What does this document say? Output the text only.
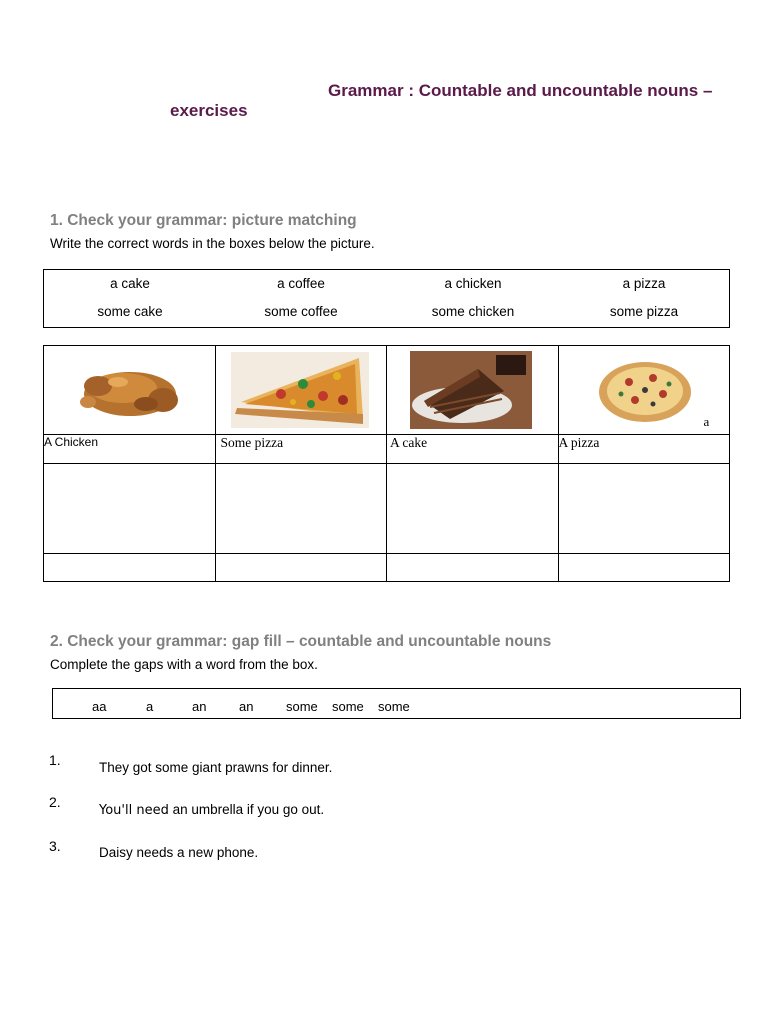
Grammar : Countable and uncountable nouns –
exercises
1. Check your grammar: picture matching
Write the correct words in the boxes below the picture.
a cake	a coffee	a chicken	a pizza
some cake	some coffee	some chicken	some pizza

a

A Chicken	Some pizza	A cake	A pizza

2. Check your grammar: gap fill – countable and uncountable nouns
Complete the gaps with a word from the box.
aa	a	an	an	some some some
1.	They got some giant prawns for dinner.
2.
You'll need an umbrella if you go out.
3.	Daisy needs a new phone.
